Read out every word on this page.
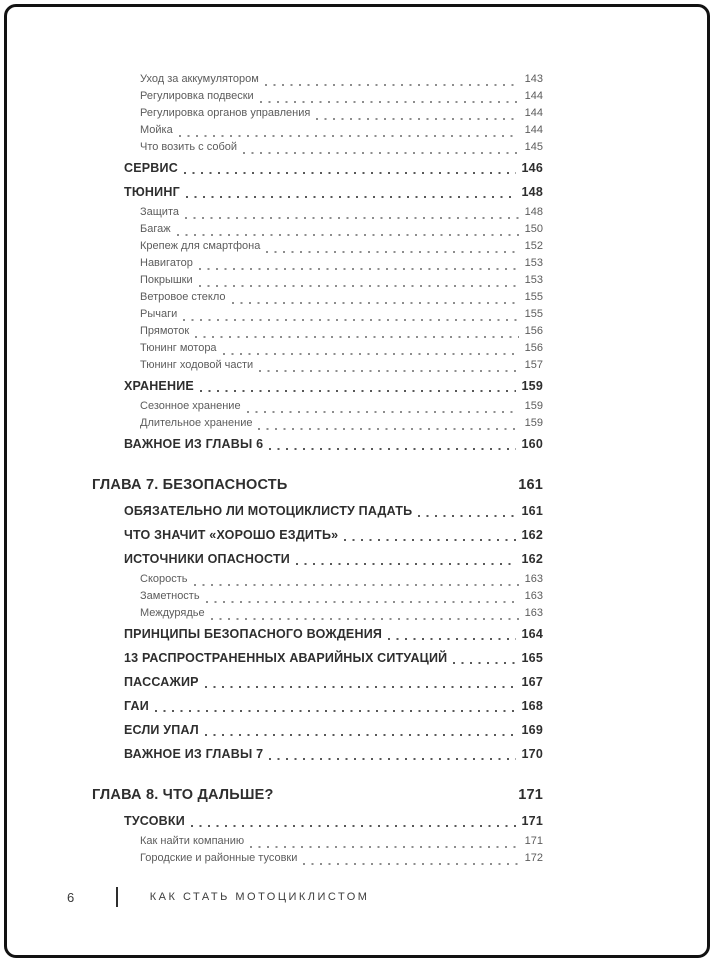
Уход за аккумулятором	143
Регулировка подвески	144
Регулировка органов управления	144
Мойка	144
Что возить с собой	145
СЕРВИС	146
ТЮНИНГ	148
Защита	148
Багаж	150
Крепеж для смартфона	152
Навигатор	153
Покрышки	153
Ветровое стекло	155
Рычаги	155
Прямоток	156
Тюнинг мотора	156
Тюнинг ходовой части	157
ХРАНЕНИЕ	159
Сезонное хранение	159
Длительное хранение	159
ВАЖНОЕ ИЗ ГЛАВЫ 6	160
ГЛАВА 7. БЕЗОПАСНОСТЬ	161
ОБЯЗАТЕЛЬНО ЛИ МОТОЦИКЛИСТУ ПАДАТЬ	161
ЧТО ЗНАЧИТ «ХОРОШО ЕЗДИТЬ»	162
ИСТОЧНИКИ ОПАСНОСТИ	162
Скорость	163
Заметность	163
Междурядье	163
ПРИНЦИПЫ БЕЗОПАСНОГО ВОЖДЕНИЯ	164
13 РАСПРОСТРАНЕННЫХ АВАРИЙНЫХ СИТУАЦИЙ	165
ПАССАЖИР	167
ГАИ	168
ЕСЛИ УПАЛ	169
ВАЖНОЕ ИЗ ГЛАВЫ 7	170
ГЛАВА 8. ЧТО ДАЛЬШЕ?	171
ТУСОВКИ	171
Как найти компанию	171
Городские и районные тусовки	172
6	КАК СТАТЬ МОТОЦИКЛИСТОМ
